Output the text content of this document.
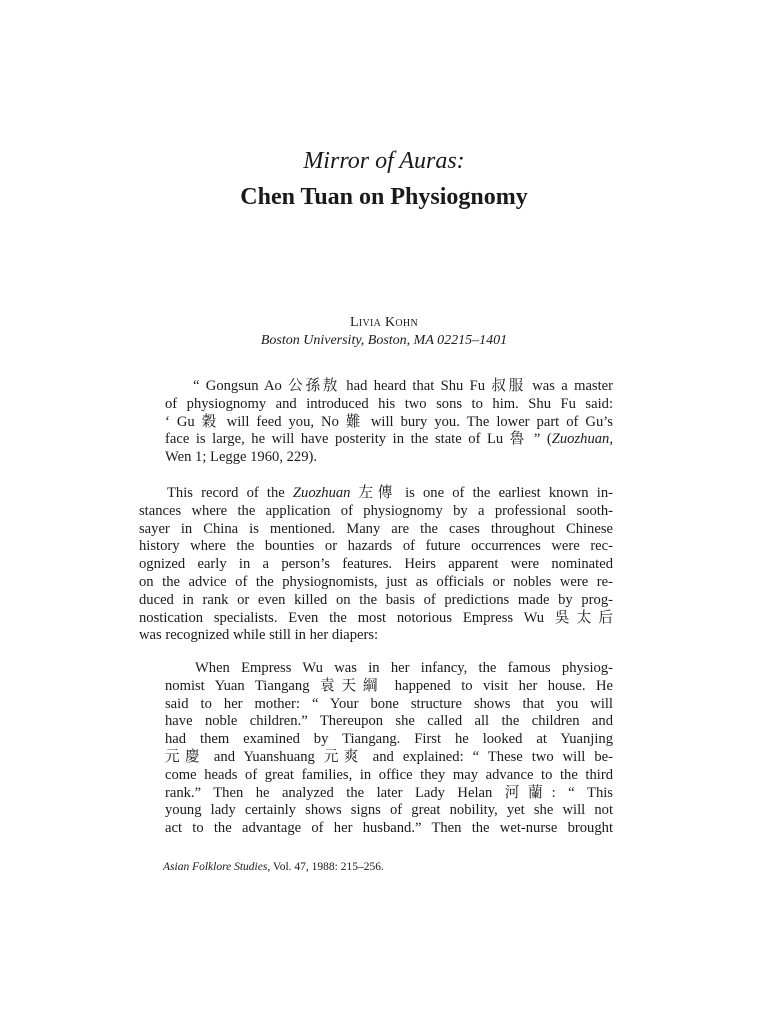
Mirror of Auras:
Chen Tuan on Physiognomy
Livia Kohn
Boston University, Boston, MA 02215–1401
“ Gongsun Ao 公孫敖 had heard that Shu Fu 叔服 was a master
of physiognomy and introduced his two sons to him. Shu Fu said:
‘ Gu 穀 will feed you, No 難 will bury you. The lower part of Gu’s
face is large, he will have posterity in the state of Lu 魯 ” (Zuozhuan,
Wen 1; Legge 1960, 229).
This record of the Zuozhuan 左傳 is one of the earliest known in-
stances where the application of physiognomy by a professional sooth-
sayer in China is mentioned. Many are the cases throughout Chinese
history where the bounties or hazards of future occurrences were rec-
ognized early in a person’s features. Heirs apparent were nominated
on the advice of the physiognomists, just as officials or nobles were re-
duced in rank or even killed on the basis of predictions made by prog-
nostication specialists. Even the most notorious Empress Wu 吳太后
was recognized while still in her diapers:
When Empress Wu was in her infancy, the famous physiog-
nomist Yuan Tiangang 袁天綱 happened to visit her house. He
said to her mother: “ Your bone structure shows that you will
have noble children.” Thereupon she called all the children and
had them examined by Tiangang. First he looked at Yuanjing
元慶 and Yuanshuang 元爽 and explained: “ These two will be-
come heads of great families, in office they may advance to the third
rank.” Then he analyzed the later Lady Helan 河蘭: “ This
young lady certainly shows signs of great nobility, yet she will not
act to the advantage of her husband.” Then the wet-nurse brought
Asian Folklore Studies, Vol. 47, 1988: 215–256.
